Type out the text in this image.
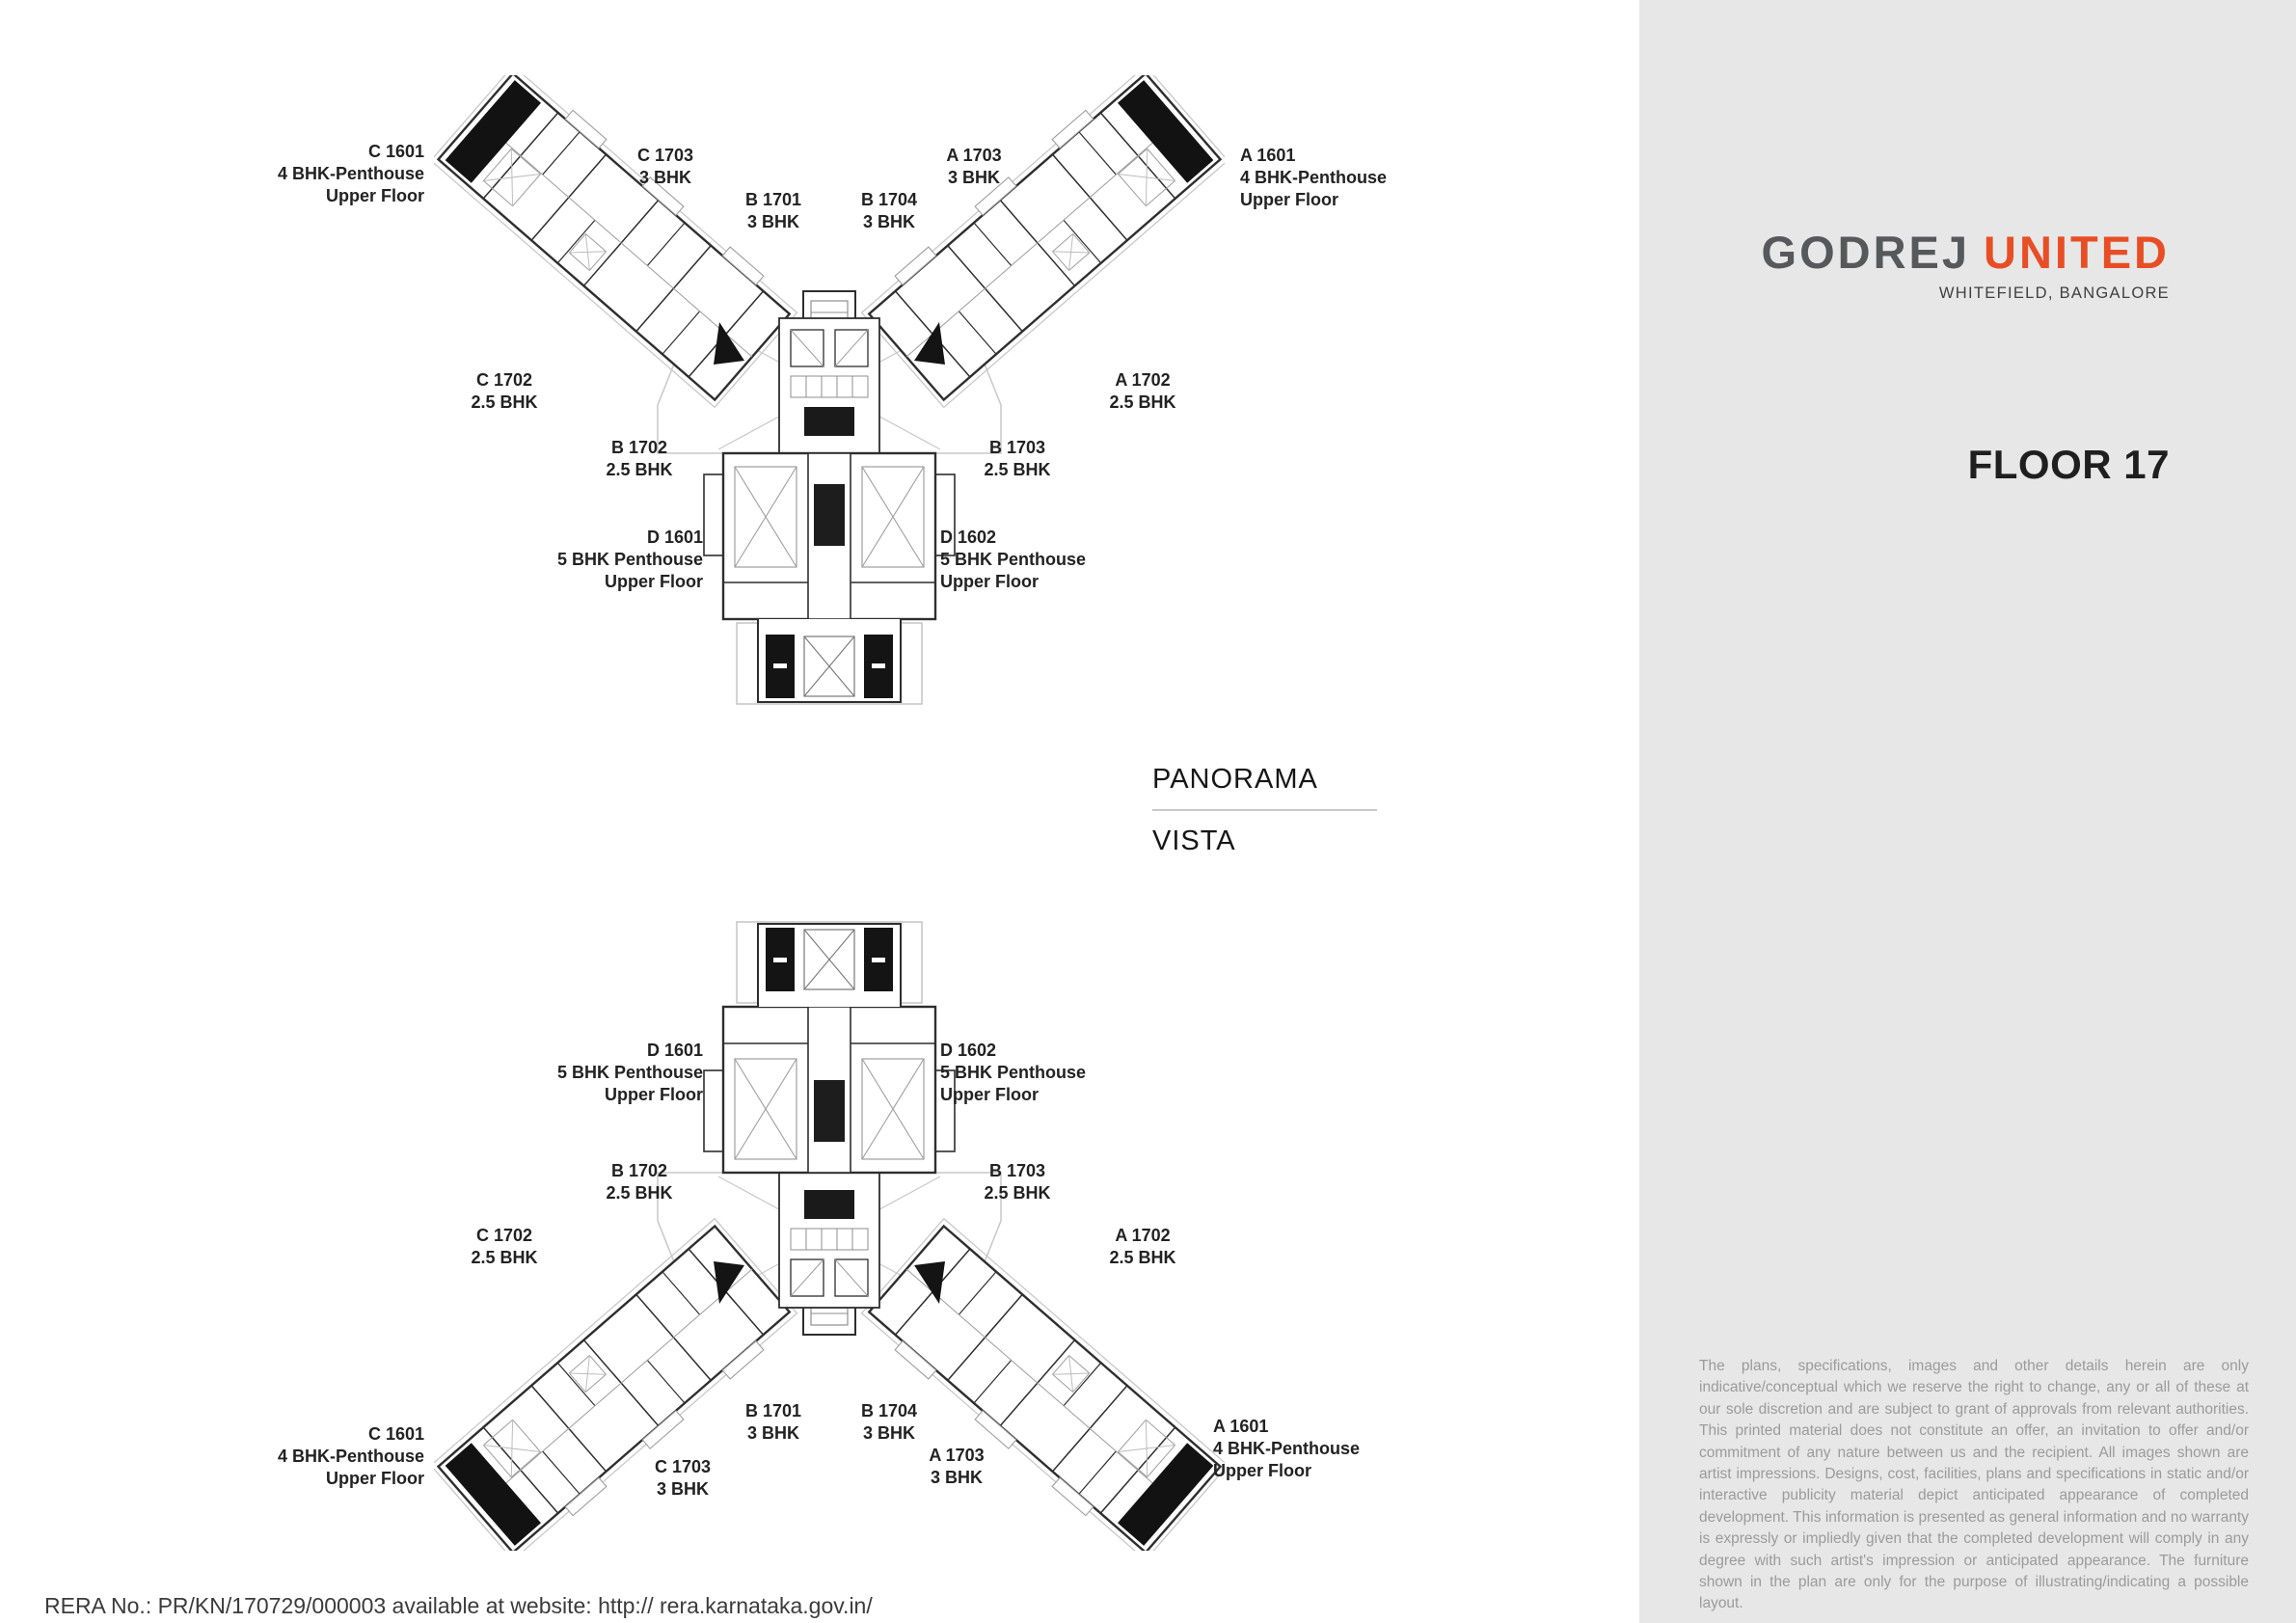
C 1601
4 BHK-Penthouse
Upper Floor
C 1703
3 BHK
B 1701
3 BHK
B 1704
3 BHK
A 1703
3 BHK
A 1601
4 BHK-Penthouse
Upper Floor
C 1702
2.5 BHK
A 1702
2.5 BHK
B 1702
2.5 BHK
B 1703
2.5 BHK
D 1601
5 BHK Penthouse
Upper Floor
D 1602
5 BHK Penthouse
Upper Floor
D 1601
5 BHK Penthouse
Upper Floor
D 1602
5 BHK Penthouse
Upper Floor
B 1702
2.5 BHK
B 1703
2.5 BHK
C 1702
2.5 BHK
A 1702
2.5 BHK
B 1701
3 BHK
B 1704
3 BHK
C 1601
4 BHK-Penthouse
Upper Floor
A 1601
4 BHK-Penthouse
Upper Floor
C 1703
3 BHK
A 1703
3 BHK
PANORAMA
VISTA
GODREJ UNITED
WHITEFIELD, BANGALORE
FLOOR 17
The plans, specifications, images and other details herein are only indicative/conceptual which we reserve the right to change, any or all of these at our sole discretion and are subject to grant of approvals from relevant authorities. This printed material does not constitute an offer, an invitation to offer and/or commitment of any nature between us and the recipient. All images shown are artist impressions. Designs, cost, facilities, plans and specifications in static and/or interactive publicity material depict anticipated appearance of completed development. This information is presented as general information and no warranty is expressly or impliedly given that the completed development will comply in any degree with such artist's impression or anticipated appearance. The furniture shown in the plan are only for the purpose of illustrating/indicating a possible layout.
RERA No.: PR/KN/170729/000003 available at website: http:// rera.karnataka.gov.in/
